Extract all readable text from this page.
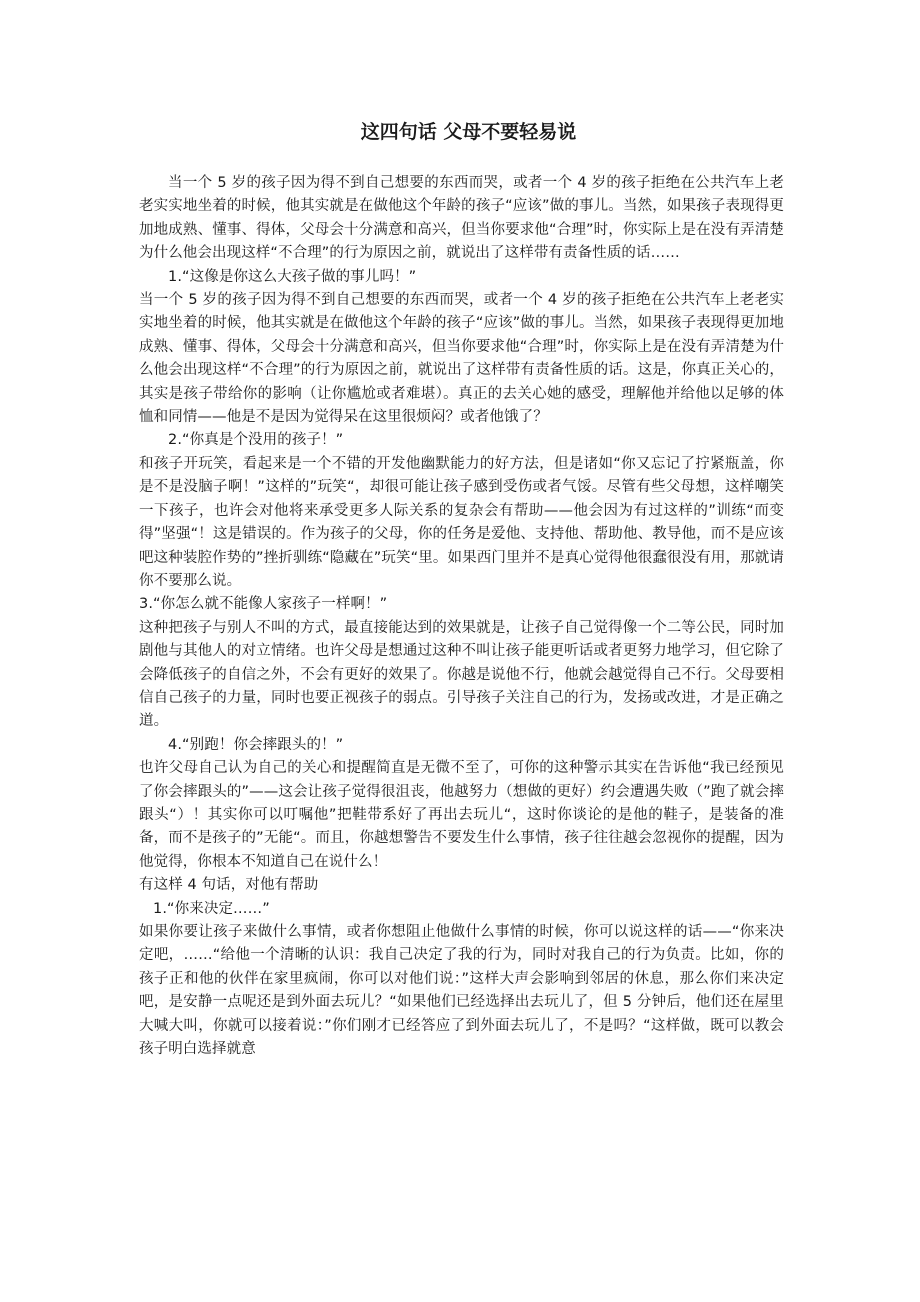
这四句话 父母不要轻易说

当一个 5 岁的孩子因为得不到自己想要的东西而哭，或者一个 4 岁的孩子拒绝在公共汽车上老老实实地坐着的时候，他其实就是在做他这个年龄的孩子“应该”做的事儿。当然，如果孩子表现得更加地成熟、懂事、得体，父母会十分满意和高兴，但当你要求他“合理”时，你实际上是在没有弄清楚为什么他会出现这样“不合理”的行为原因之前，就说出了这样带有责备性质的话……

1.“这像是你这么大孩子做的事儿吗！”

当一个 5 岁的孩子因为得不到自己想要的东西而哭，或者一个 4 岁的孩子拒绝在公共汽车上老老实实地坐着的时候，他其实就是在做他这个年龄的孩子“应该”做的事儿。当然，如果孩子表现得更加地成熟、懂事、得体，父母会十分满意和高兴，但当你要求他“合理”时，你实际上是在没有弄清楚为什么他会出现这样“不合理”的行为原因之前，就说出了这样带有责备性质的话。这是，你真正关心的，其实是孩子带给你的影响（让你尴尬或者难堪）。真正的去关心她的感受，理解他并给他以足够的体恤和同情——他是不是因为觉得呆在这里很烦闷？或者他饿了？

2.“你真是个没用的孩子！”

和孩子开玩笑，看起来是一个不错的开发他幽默能力的好方法，但是诸如“你又忘记了拧紧瓶盖，你是不是没脑子啊！”这样的”玩笑“，却很可能让孩子感到受伤或者气馁。尽管有些父母想，这样嘲笑一下孩子，也许会对他将来承受更多人际关系的复杂会有帮助——他会因为有过这样的”训练“而变得”坚强“！这是错误的。作为孩子的父母，你的任务是爱他、支持他、帮助他、教导他，而不是应该吧这种装腔作势的”挫折驯练“隐藏在”玩笑“里。如果西门里并不是真心觉得他很蠢很没有用，那就请你不要那么说。

3.“你怎么就不能像人家孩子一样啊！”

这种把孩子与别人不叫的方式，最直接能达到的效果就是，让孩子自己觉得像一个二等公民，同时加剧他与其他人的对立情绪。也许父母是想通过这种不叫让孩子能更听话或者更努力地学习，但它除了会降低孩子的自信之外，不会有更好的效果了。你越是说他不行，他就会越觉得自己不行。父母要相信自己孩子的力量，同时也要正视孩子的弱点。引导孩子关注自己的行为，发扬或改进，才是正确之道。

4.“别跑！你会摔跟头的！”

也许父母自己认为自己的关心和提醒简直是无微不至了，可你的这种警示其实在告诉他“我已经预见了你会摔跟头的”——这会让孩子觉得很沮丧，他越努力（想做的更好）约会遭遇失败（”跑了就会摔跟头“）！其实你可以叮嘱他”把鞋带系好了再出去玩儿“，这时你谈论的是他的鞋子，是装备的准备，而不是孩子的”无能“。而且，你越想警告不要发生什么事情，孩子往往越会忽视你的提醒，因为他觉得，你根本不知道自己在说什么！

有这样 4 句话，对他有帮助

1.“你来决定……”

如果你要让孩子来做什么事情，或者你想阻止他做什么事情的时候，你可以说这样的话——“你来决定吧，……“给他一个清晰的认识：我自己决定了我的行为，同时对我自己的行为负责。比如，你的孩子正和他的伙伴在家里疯闹，你可以对他们说：”这样大声会影响到邻居的休息，那么你们来决定吧，是安静一点呢还是到外面去玩儿？“如果他们已经选择出去玩儿了，但 5 分钟后，他们还在屋里大喊大叫，你就可以接着说：”你们刚才已经答应了到外面去玩儿了，不是吗？“这样做，既可以教会孩子明白选择就意
